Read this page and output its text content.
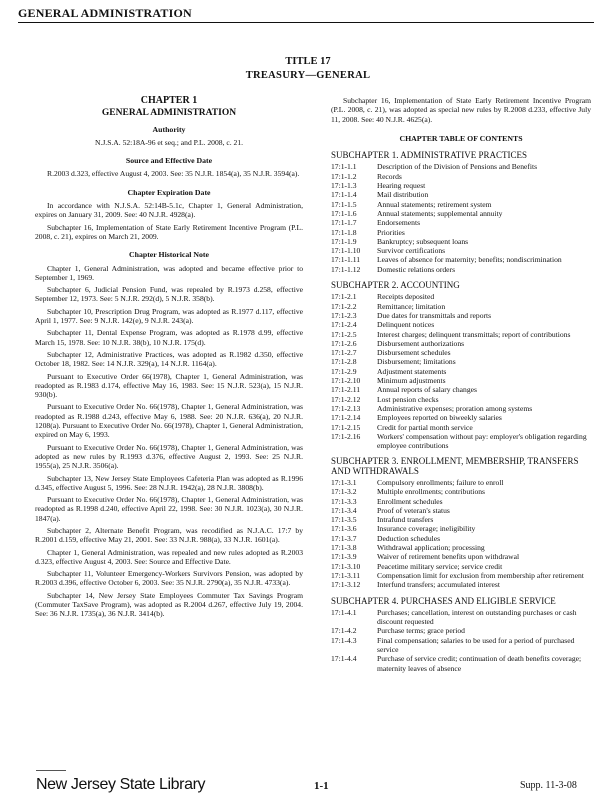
GENERAL ADMINISTRATION
TITLE 17
TREASURY—GENERAL
CHAPTER 1
GENERAL ADMINISTRATION
Authority

N.J.S.A. 52:18A-96 et seq.; and P.L. 2008, c. 21.

Source and Effective Date

R.2003 d.323, effective August 4, 2003. See: 35 N.J.R. 1854(a), 35 N.J.R. 3594(a).

Chapter Expiration Date

In accordance with N.J.S.A. 52:14B-5.1c, Chapter 1, General Administration, expires on January 31, 2009. See: 40 N.J.R. 4928(a).

Subchapter 16, Implementation of State Early Retirement Incentive Program (P.L. 2008, c. 21), expires on March 21, 2009.

Chapter Historical Note

Chapter 1, General Administration, was adopted and became effective prior to September 1, 1969.

Subchapter 6, Judicial Pension Fund, was repealed by R.1973 d.258, effective September 12, 1973. See: 5 N.J.R. 292(d), 5 N.J.R. 358(b).

Subchapter 10, Prescription Drug Program, was adopted as R.1977 d.117, effective April 1, 1977. See: 9 N.J.R. 142(e), 9 N.J.R. 243(a).

Subchapter 11, Dental Expense Program, was adopted as R.1978 d.99, effective March 15, 1978. See: 10 N.J.R. 38(b), 10 N.J.R. 175(d).

Subchapter 12, Administrative Practices, was adopted as R.1982 d.350, effective October 18, 1982. See: 14 N.J.R. 329(a), 14 N.J.R. 1164(a).

Pursuant to Executive Order 66(1978), Chapter 1, General Administration, was readopted as R.1983 d.174, effective May 16, 1983. See: 15 N.J.R. 523(a), 15 N.J.R. 930(b).

Pursuant to Executive Order No. 66(1978), Chapter 1, General Administration, was readopted as R.1988 d.243, effective May 6, 1988. See: 20 N.J.R. 636(a), 20 N.J.R. 1208(a). Pursuant to Executive Order No. 66(1978), Chapter 1, General Administration, expired on May 6, 1993.

Pursuant to Executive Order No. 66(1978), Chapter 1, General Administration, was adopted as new rules by R.1993 d.376, effective August 2, 1993. See: 25 N.J.R. 1955(a), 25 N.J.R. 3506(a).

Subchapter 13, New Jersey State Employees Cafeteria Plan was adopted as R.1996 d.345, effective August 5, 1996. See: 28 N.J.R. 1942(a), 28 N.J.R. 3808(b).

Pursuant to Executive Order No. 66(1978), Chapter 1, General Administration, was readopted as R.1998 d.240, effective April 22, 1998. See: 30 N.J.R. 1023(a), 30 N.J.R. 1847(a).

Subchapter 2, Alternate Benefit Program, was recodified as N.J.A.C. 17:7 by R.2001 d.159, effective May 21, 2001. See: 33 N.J.R. 988(a), 33 N.J.R. 1601(a).

Chapter 1, General Administration, was repealed and new rules adopted as R.2003 d.323, effective August 4, 2003. See: Source and Effective Date.

Subchapter 11, Volunteer Emergency-Workers Survivors Pension, was adopted by R.2003 d.396, effective October 6, 2003. See: 35 N.J.R. 2790(a), 35 N.J.R. 4733(a).

Subchapter 14, New Jersey State Employees Commuter Tax Savings Program (Commuter TaxSave Program), was adopted as R.2004 d.267, effective July 19, 2004. See: 36 N.J.R. 1735(a), 36 N.J.R. 3414(b).

Subchapter 16, Implementation of State Early Retirement Incentive Program (P.L. 2008, c. 21), was adopted as special new rules by R.2008 d.233, effective July 11, 2008. See: 40 N.J.R. 4625(a).

CHAPTER TABLE OF CONTENTS
SUBCHAPTER 1. ADMINISTRATIVE PRACTICES
17:1-1.1	Description of the Division of Pensions and Benefits
17:1-1.2	Records
17:1-1.3	Hearing request
17:1-1.4	Mail distribution
17:1-1.5	Annual statements; retirement system
17:1-1.6	Annual statements; supplemental annuity
17:1-1.7	Endorsements
17:1-1.8	Priorities
17:1-1.9	Bankruptcy; subsequent loans
17:1-1.10	Survivor certifications
17:1-1.11	Leaves of absence for maternity; benefits; nondiscrimination
17:1-1.12	Domestic relations orders
SUBCHAPTER 2. ACCOUNTING
17:1-2.1	Receipts deposited
17:1-2.2	Remittance; limitation
17:1-2.3	Due dates for transmittals and reports
17:1-2.4	Delinquent notices
17:1-2.5	Interest charges; delinquent transmittals; report of contributions
17:1-2.6	Disbursement authorizations
17:1-2.7	Disbursement schedules
17:1-2.8	Disbursement; limitations
17:1-2.9	Adjustment statements
17:1-2.10	Minimum adjustments
17:1-2.11	Annual reports of salary changes
17:1-2.12	Lost pension checks
17:1-2.13	Administrative expenses; proration among systems
17:1-2.14	Employees reported on biweekly salaries
17:1-2.15	Credit for partial month service
17:1-2.16	Workers' compensation without pay: employer's obligation regarding employee contributions
SUBCHAPTER 3. ENROLLMENT, MEMBERSHIP, TRANSFERS AND WITHDRAWALS
17:1-3.1	Compulsory enrollments; failure to enroll
17:1-3.2	Multiple enrollments; contributions
17:1-3.3	Enrollment schedules
17:1-3.4	Proof of veteran's status
17:1-3.5	Intrafund transfers
17:1-3.6	Insurance coverage; ineligibility
17:1-3.7	Deduction schedules
17:1-3.8	Withdrawal application; processing
17:1-3.9	Waiver of retirement benefits upon withdrawal
17:1-3.10	Peacetime military service; service credit
17:1-3.11	Compensation limit for exclusion from membership after retirement
17:1-3.12	Interfund transfers; accumulated interest
SUBCHAPTER 4. PURCHASES AND ELIGIBLE SERVICE
17:1-4.1	Purchases; cancellation, interest on outstanding purchases or cash discount requested
17:1-4.2	Purchase terms; grace period
17:1-4.3	Final compensation; salaries to be used for a period of purchased service
17:1-4.4	Purchase of service credit; continuation of death benefits coverage; maternity leaves of absence
New Jersey State Library	1-1	Supp. 11-3-08
